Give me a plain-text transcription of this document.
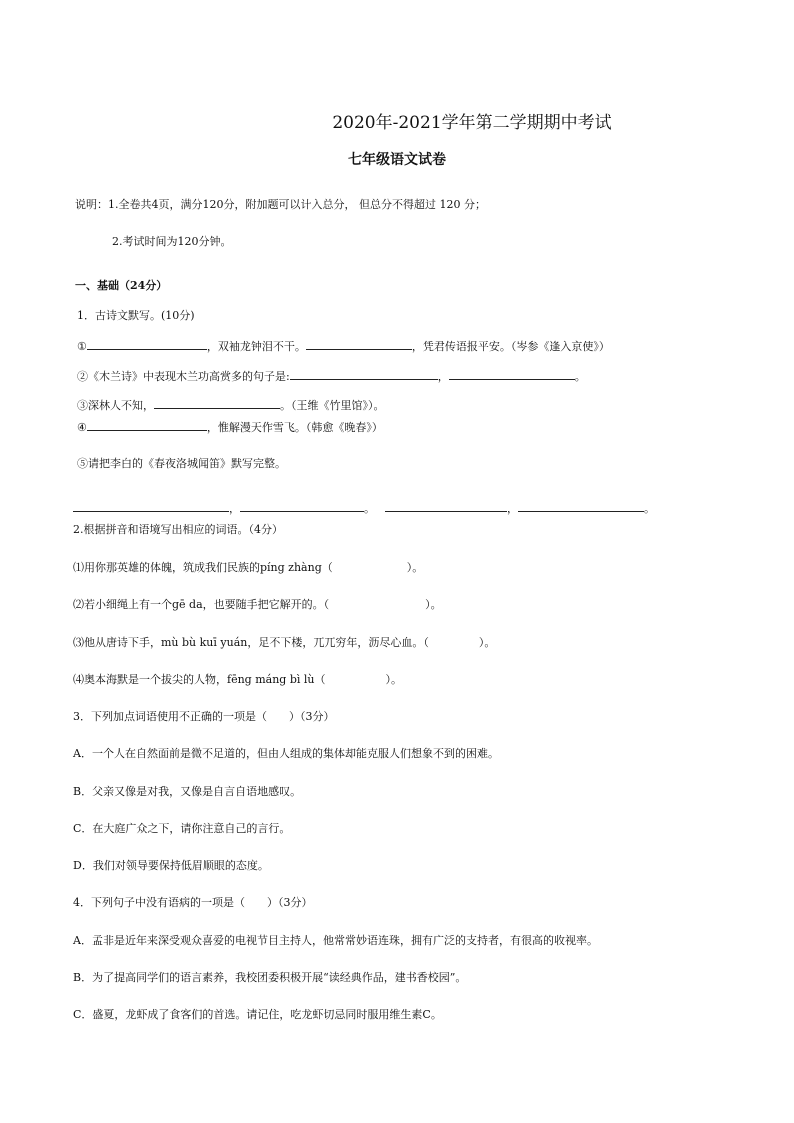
2020年-2021学年第二学期期中考试
七年级语文试卷
说明：1.全卷共4页，满分120分，附加题可以计入总分， 但总分不得超过 120 分；
2.考试时间为120分钟。
一、基础（24分）
1．古诗文默写。(10分)
①	，双袖龙钟泪不干。	，凭君传语报平安。（岑参《逢入京使》）
②《木兰诗》中表现木兰功高赏多的句子是:	，	。
③深林人不知，	。（王维《竹里馆》）。
④	，惟解漫天作雪飞。（韩愈《晚春》）
⑤请把李白的《春夜洛城闻笛》默写完整。
，	。	，	。
2.根据拼音和语境写出相应的词语。（4分）
⑴用你那英雄的体魄，筑成我们民族的píng zhàng（	）。
⑵若小细绳上有一个gē da，也要随手把它解开的。（	）。
⑶他从唐诗下手，mù bù kuī yuán，足不下楼，兀兀穷年，沥尽心血。（	）。
⑷奥本海默是一个拔尖的人物，fēng máng bì lù（	）。
3．下列加点词语使用不正确的一项是（　　）（3分）
A．一个人在自然面前是微不足道的，但由人组成的集体却能克服人们想象不到的困难。
B．父亲又像是对我，又像是自言自语地感叹。
C．在大庭广众之下，请你注意自己的言行。
D．我们对领导要保持低眉顺眼的态度。
4．下列句子中没有语病的一项是（　　）（3分）
A．孟非是近年来深受观众喜爱的电视节目主持人，他常常妙语连珠，拥有广泛的支持者，有很高的收视率。
B．为了提高同学们的语言素养，我校团委积极开展“读经典作品，建书香校园”。
C．盛夏，龙虾成了食客们的首选。请记住，吃龙虾切忌同时服用维生素C。
